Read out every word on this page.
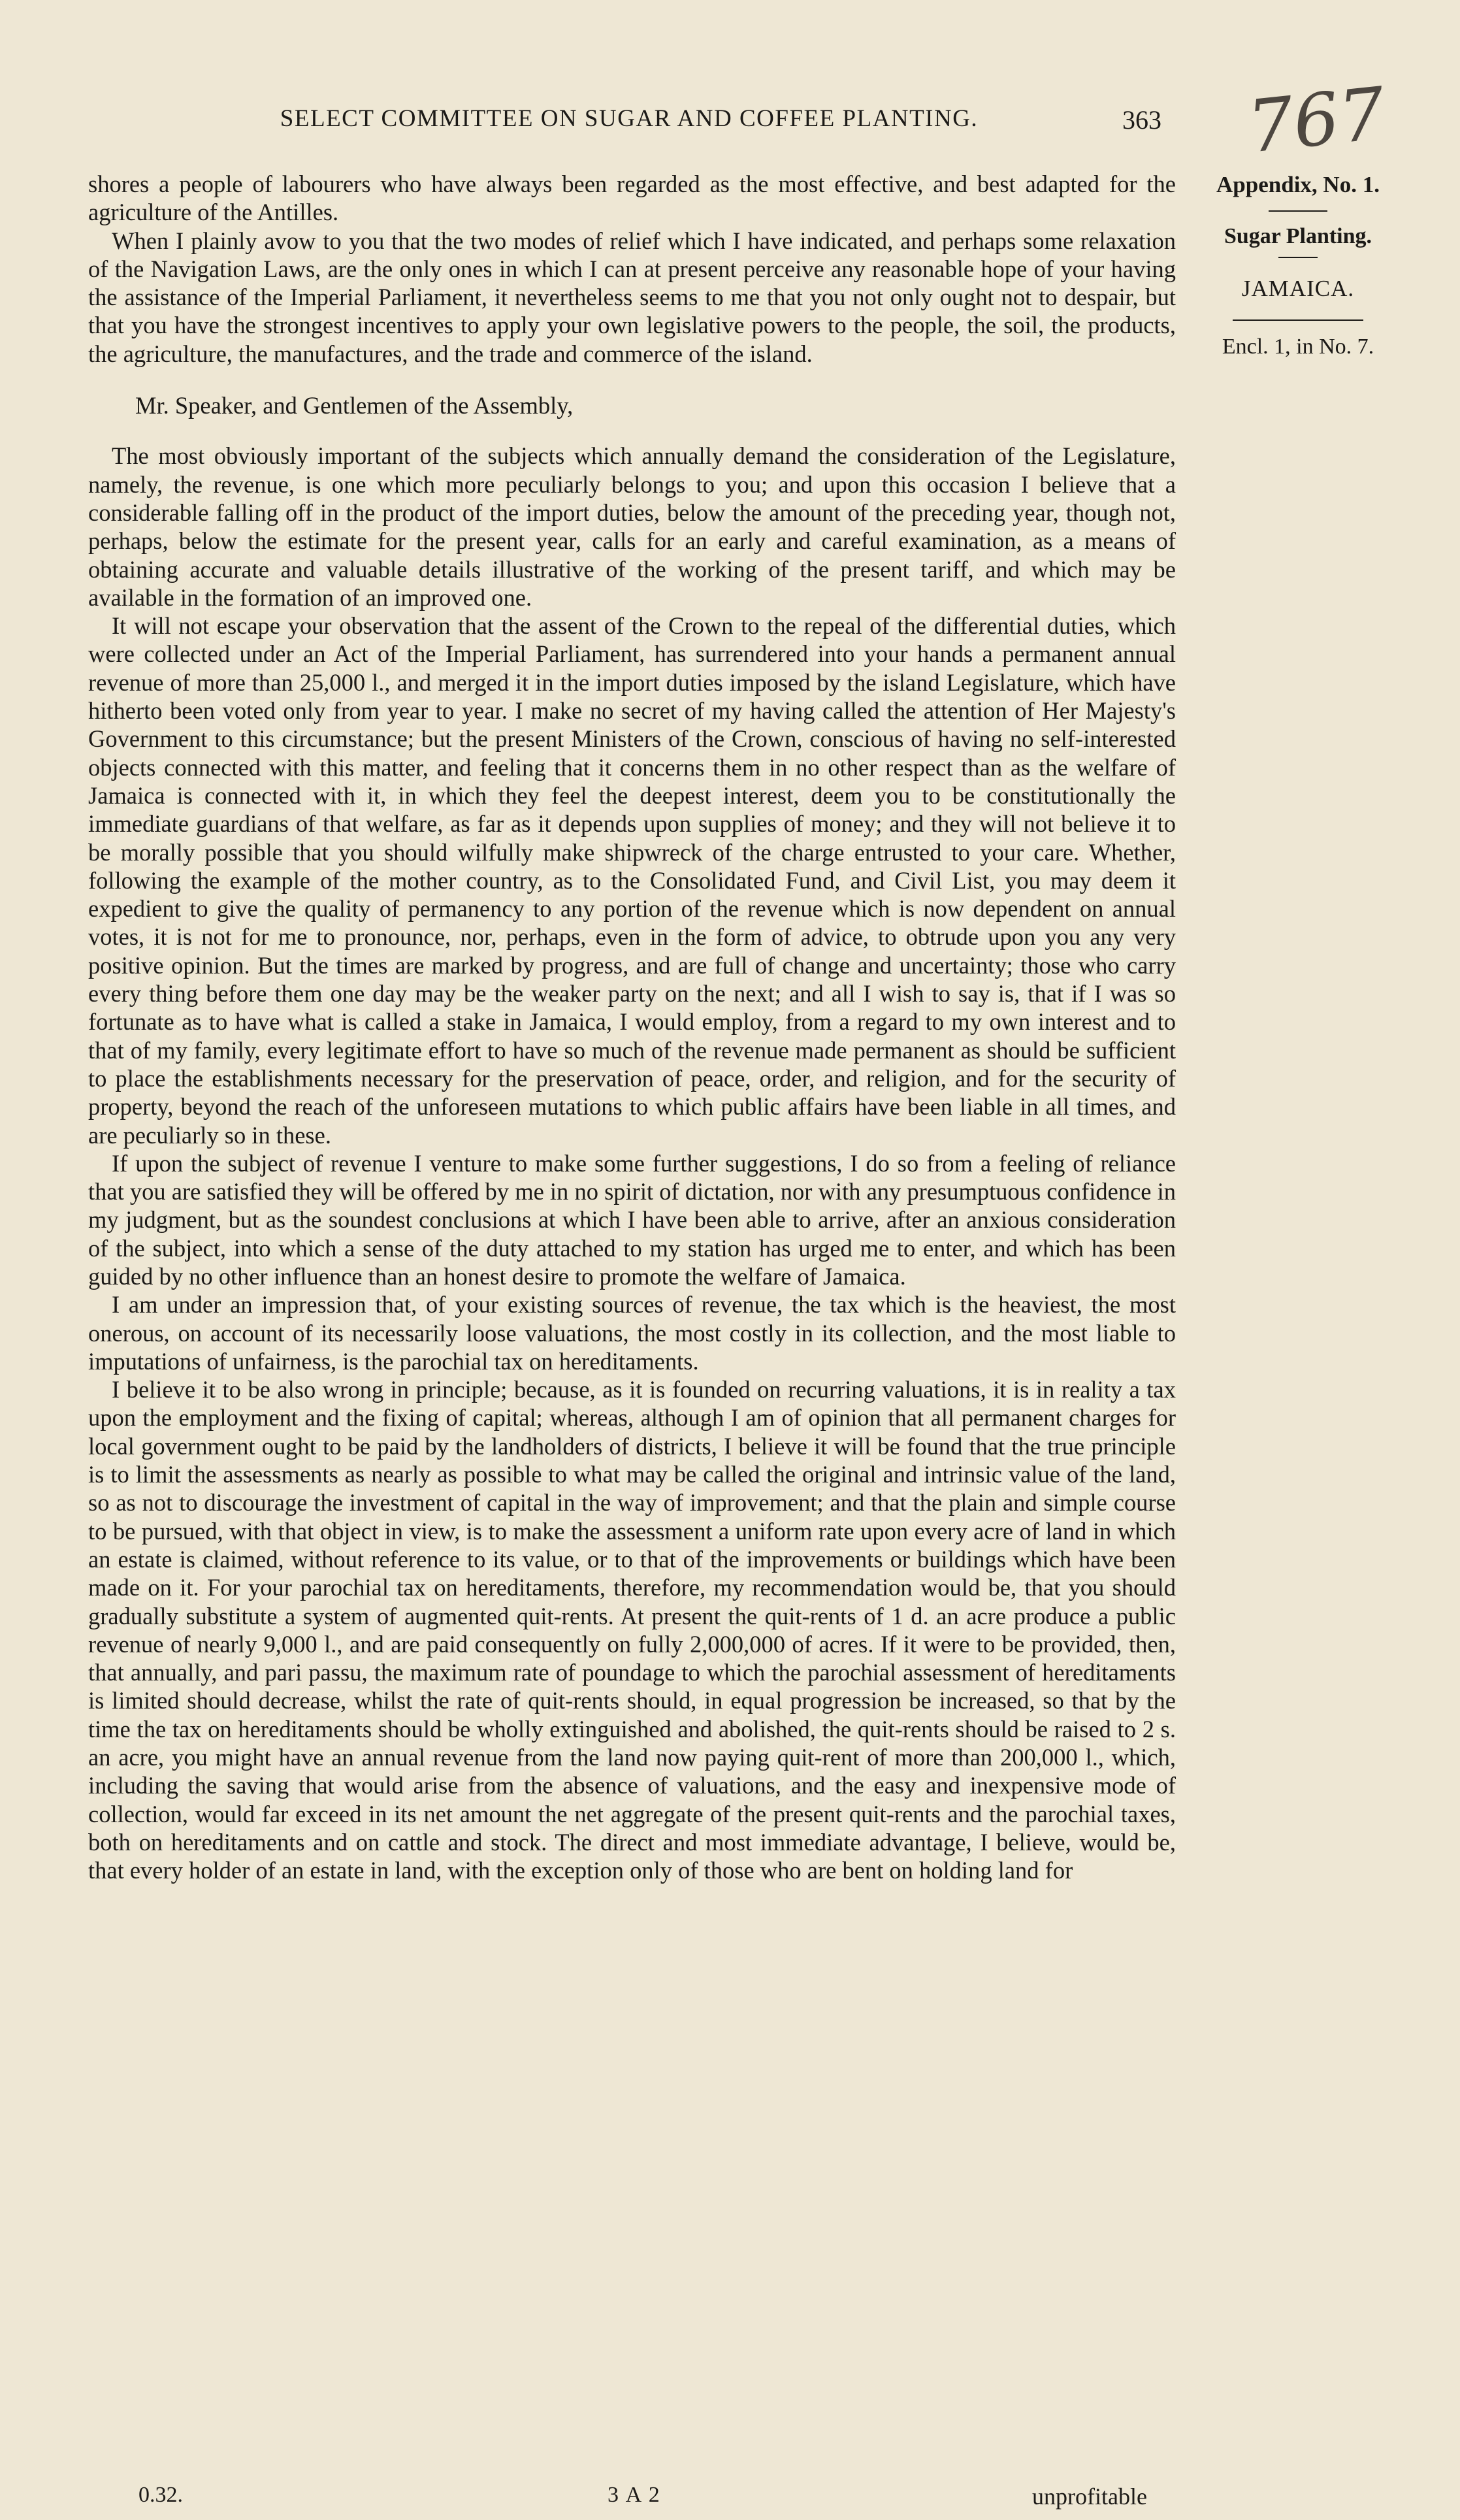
SELECT COMMITTEE ON SUGAR AND COFFEE PLANTING.	363 767
Appendix, No. 1.
Sugar Planting.
JAMAICA.
Encl. 1, in No. 7.

shores a people of labourers who have always been regarded as the most effective, and best adapted for the agriculture of the Antilles.

When I plainly avow to you that the two modes of relief which I have indicated, and perhaps some relaxation of the Navigation Laws, are the only ones in which I can at present perceive any reasonable hope of your having the assistance of the Imperial Parliament, it nevertheless seems to me that you not only ought not to despair, but that you have the strongest incentives to apply your own legislative powers to the people, the soil, the products, the agriculture, the manufactures, and the trade and commerce of the island.

Mr. Speaker, and Gentlemen of the Assembly,

The most obviously important of the subjects which annually demand the consideration of the Legislature, namely, the revenue, is one which more peculiarly belongs to you; and upon this occasion I believe that a considerable falling off in the product of the import duties, below the amount of the preceding year, though not, perhaps, below the estimate for the present year, calls for an early and careful examination, as a means of obtaining accurate and valuable details illustrative of the working of the present tariff, and which may be available in the formation of an improved one.

It will not escape your observation that the assent of the Crown to the repeal of the differential duties, which were collected under an Act of the Imperial Parliament, has surrendered into your hands a permanent annual revenue of more than 25,000 l., and merged it in the import duties imposed by the island Legislature, which have hitherto been voted only from year to year. I make no secret of my having called the attention of Her Majesty's Government to this circumstance; but the present Ministers of the Crown, conscious of having no self-interested objects connected with this matter, and feeling that it concerns them in no other respect than as the welfare of Jamaica is connected with it, in which they feel the deepest interest, deem you to be constitutionally the immediate guardians of that welfare, as far as it depends upon supplies of money; and they will not believe it to be morally possible that you should wilfully make shipwreck of the charge entrusted to your care. Whether, following the example of the mother country, as to the Consolidated Fund, and Civil List, you may deem it expedient to give the quality of permanency to any portion of the revenue which is now dependent on annual votes, it is not for me to pronounce, nor, perhaps, even in the form of advice, to obtrude upon you any very positive opinion. But the times are marked by progress, and are full of change and uncertainty; those who carry every thing before them one day may be the weaker party on the next; and all I wish to say is, that if I was so fortunate as to have what is called a stake in Jamaica, I would employ, from a regard to my own interest and to that of my family, every legitimate effort to have so much of the revenue made permanent as should be sufficient to place the establishments necessary for the preservation of peace, order, and religion, and for the security of property, beyond the reach of the unforeseen mutations to which public affairs have been liable in all times, and are peculiarly so in these.

If upon the subject of revenue I venture to make some further suggestions, I do so from a feeling of reliance that you are satisfied they will be offered by me in no spirit of dictation, nor with any presumptuous confidence in my judgment, but as the soundest conclusions at which I have been able to arrive, after an anxious consideration of the subject, into which a sense of the duty attached to my station has urged me to enter, and which has been guided by no other influence than an honest desire to promote the welfare of Jamaica.

I am under an impression that, of your existing sources of revenue, the tax which is the heaviest, the most onerous, on account of its necessarily loose valuations, the most costly in its collection, and the most liable to imputations of unfairness, is the parochial tax on hereditaments.

I believe it to be also wrong in principle; because, as it is founded on recurring valuations, it is in reality a tax upon the employment and the fixing of capital; whereas, although I am of opinion that all permanent charges for local government ought to be paid by the landholders of districts, I believe it will be found that the true principle is to limit the assessments as nearly as possible to what may be called the original and intrinsic value of the land, so as not to discourage the investment of capital in the way of improvement; and that the plain and simple course to be pursued, with that object in view, is to make the assessment a uniform rate upon every acre of land in which an estate is claimed, without reference to its value, or to that of the improvements or buildings which have been made on it. For your parochial tax on hereditaments, therefore, my recommendation would be, that you should gradually substitute a system of augmented quit-rents. At present the quit-rents of 1 d. an acre produce a public revenue of nearly 9,000 l., and are paid consequently on fully 2,000,000 of acres. If it were to be provided, then, that annually, and pari passu, the maximum rate of poundage to which the parochial assessment of hereditaments is limited should decrease, whilst the rate of quit-rents should, in equal progression be increased, so that by the time the tax on hereditaments should be wholly extinguished and abolished, the quit-rents should be raised to 2 s. an acre, you might have an annual revenue from the land now paying quit-rent of more than 200,000 l., which, including the saving that would arise from the absence of valuations, and the easy and inexpensive mode of collection, would far exceed in its net amount the net aggregate of the present quit-rents and the parochial taxes, both on hereditaments and on cattle and stock. The direct and most immediate advantage, I believe, would be, that every holder of an estate in land, with the exception only of those who are bent on holding land for

0.32.	3 A 2	unprofitable
